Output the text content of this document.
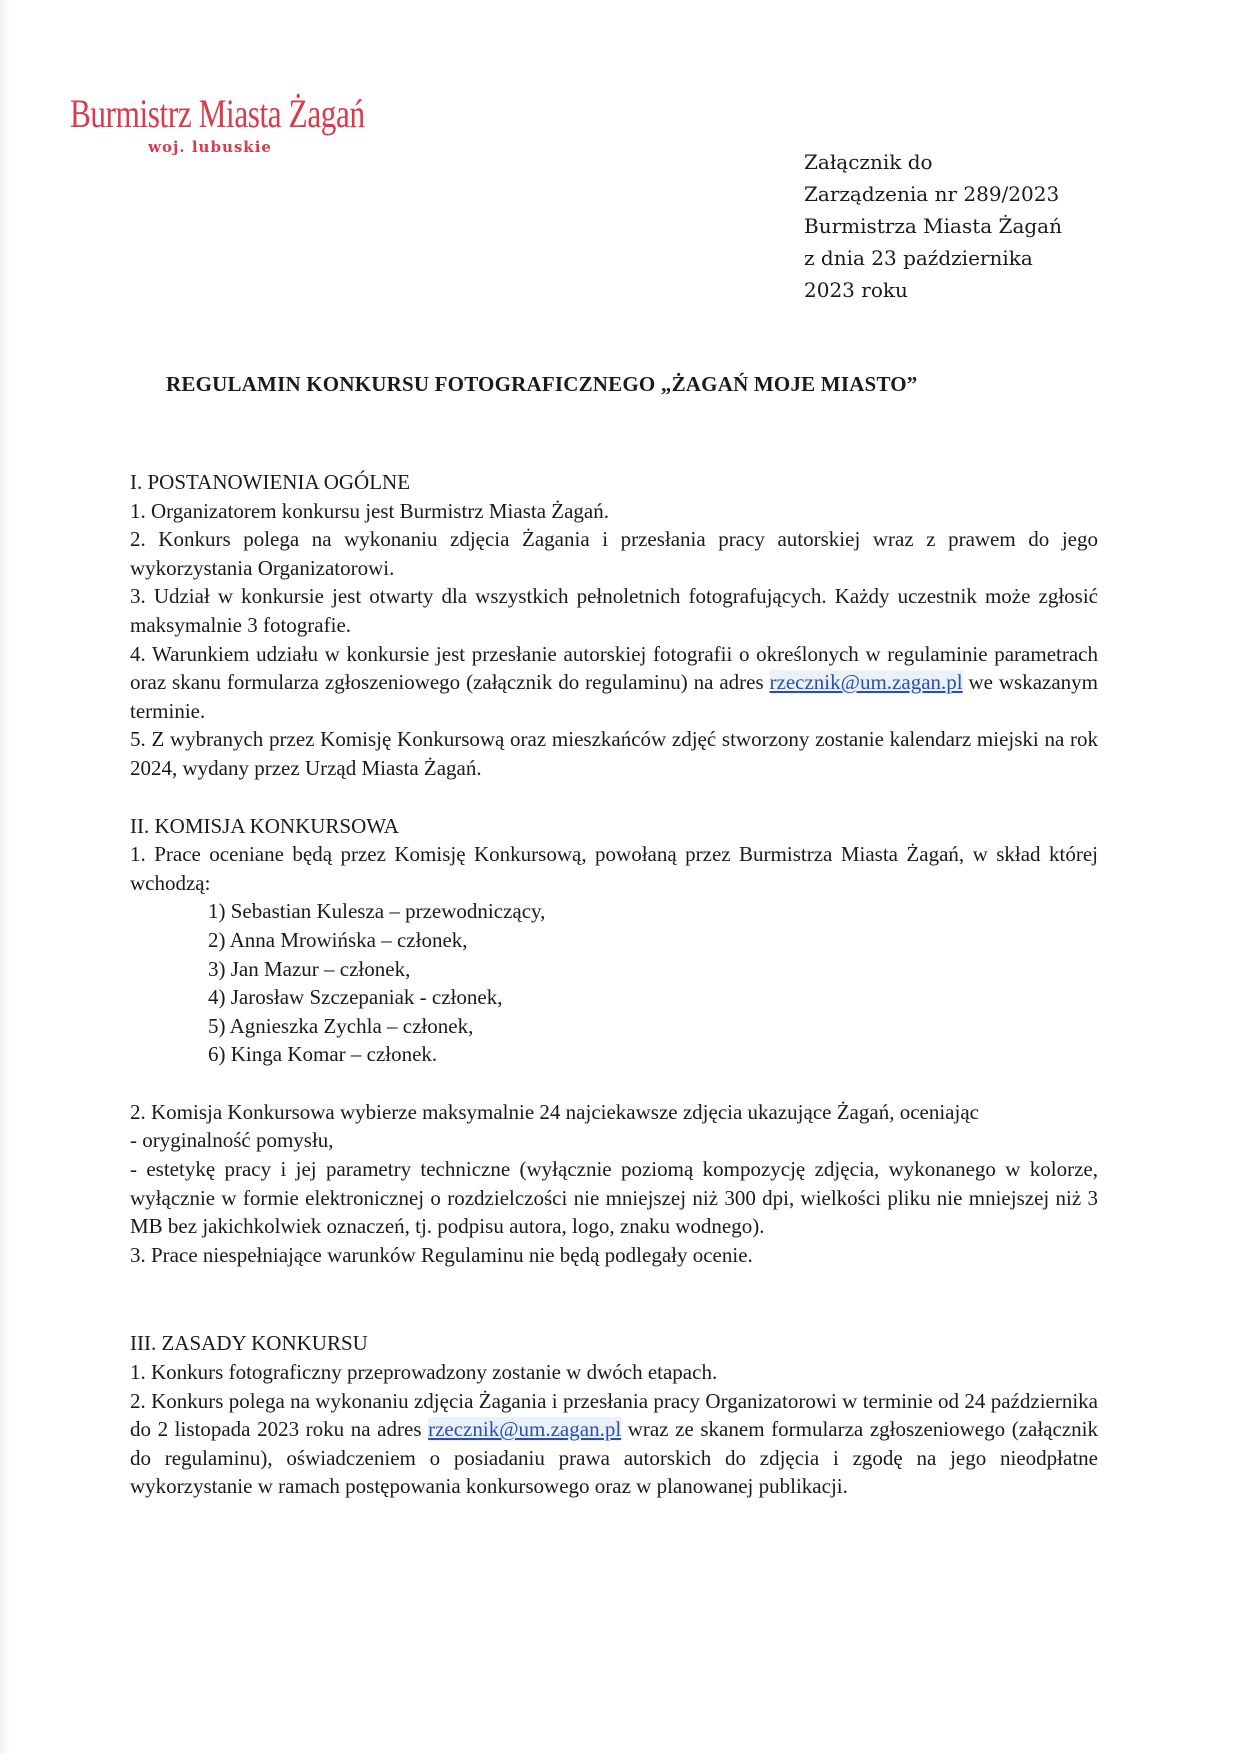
Burmistrz Miasta Żagań
woj. lubuskie
Załącznik do
Zarządzenia nr 289/2023
Burmistrza Miasta Żagań
z dnia 23 października
2023 roku
REGULAMIN KONKURSU FOTOGRAFICZNEGO „ŻAGAŃ MOJE MIASTO”

I. POSTANOWIENIA OGÓLNE

1. Organizatorem konkursu jest Burmistrz Miasta Żagań.

2. Konkurs polega na wykonaniu zdjęcia Żagania i przesłania pracy autorskiej wraz z prawem do jego wykorzystania Organizatorowi.

3. Udział w konkursie jest otwarty dla wszystkich pełnoletnich fotografujących. Każdy uczestnik może zgłosić maksymalnie 3 fotografie.

4. Warunkiem udziału w konkursie jest przesłanie autorskiej fotografii o określonych w regulaminie parametrach oraz skanu formularza zgłoszeniowego (załącznik do regulaminu) na adres rzecznik@um.zagan.pl we wskazanym terminie.

5. Z wybranych przez Komisję Konkursową oraz mieszkańców zdjęć stworzony zostanie kalendarz miejski na rok 2024, wydany przez Urząd Miasta Żagań.

II. KOMISJA KONKURSOWA

1. Prace oceniane będą przez Komisję Konkursową, powołaną przez Burmistrza Miasta Żagań, w skład której wchodzą:

1) Sebastian Kulesza – przewodniczący,

2) Anna Mrowińska – członek,

3) Jan Mazur – członek,

4) Jarosław Szczepaniak - członek,

5) Agnieszka Zychla – członek,

6) Kinga Komar – członek.

2. Komisja Konkursowa wybierze maksymalnie 24 najciekawsze zdjęcia ukazujące Żagań, oceniając

- oryginalność pomysłu,

- estetykę pracy i jej parametry techniczne (wyłącznie poziomą kompozycję zdjęcia, wykonanego w kolorze, wyłącznie w formie elektronicznej o rozdzielczości nie mniejszej niż 300 dpi, wielkości pliku nie mniejszej niż 3 MB bez jakichkolwiek oznaczeń, tj. podpisu autora, logo, znaku wodnego).

3. Prace niespełniające warunków Regulaminu nie będą podlegały ocenie.

III. ZASADY KONKURSU

1. Konkurs fotograficzny przeprowadzony zostanie w dwóch etapach.

2. Konkurs polega na wykonaniu zdjęcia Żagania i przesłania pracy Organizatorowi w terminie od 24 października do 2 listopada 2023 roku na adres rzecznik@um.zagan.pl wraz ze skanem formularza zgłoszeniowego (załącznik do regulaminu), oświadczeniem o posiadaniu prawa autorskich do zdjęcia i zgodę na jego nieodpłatne wykorzystanie w ramach postępowania konkursowego oraz w planowanej publikacji.
